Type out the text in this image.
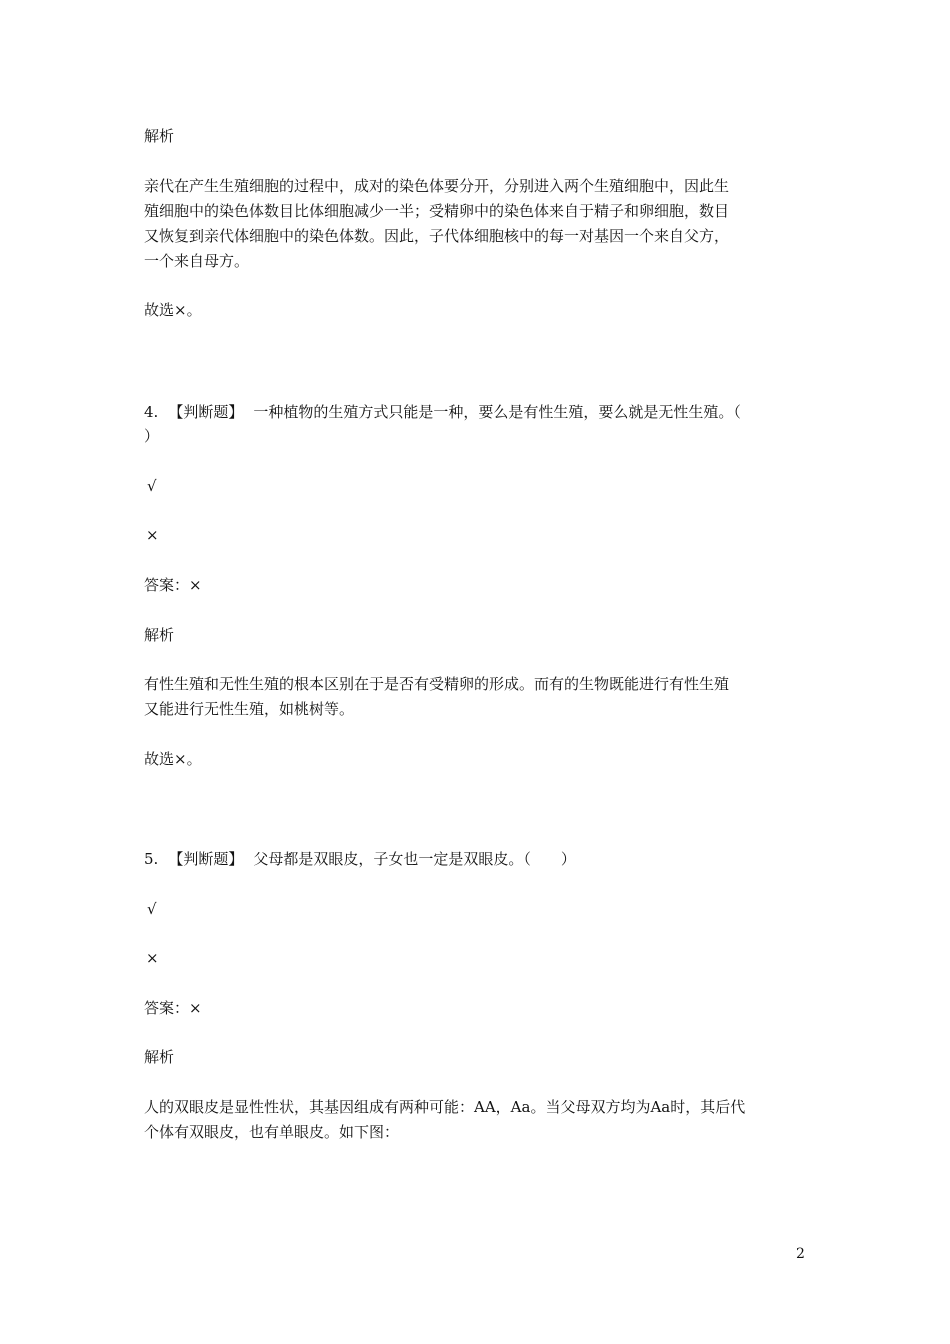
解析
亲代在产生生殖细胞的过程中，成对的染色体要分开，分别进入两个生殖细胞中，因此生
殖细胞中的染色体数目比体细胞减少一半；受精卵中的染色体来自于精子和卵细胞，数目
又恢复到亲代体细胞中的染色体数。因此，子代体细胞核中的每一对基因一个来自父方，
一个来自母方。
故选×。
4. 【判断题】 一种植物的生殖方式只能是一种，要么是有性生殖，要么就是无性生殖。（
）
√
×
答案：×
解析
有性生殖和无性生殖的根本区别在于是否有受精卵的形成。而有的生物既能进行有性生殖
又能进行无性生殖，如桃树等。
故选×。
5. 【判断题】 父母都是双眼皮，子女也一定是双眼皮。（　　）
√
×
答案：×
解析
人的双眼皮是显性性状，其基因组成有两种可能：AA，Aa。当父母双方均为Aa时，其后代
个体有双眼皮，也有单眼皮。如下图：
2
